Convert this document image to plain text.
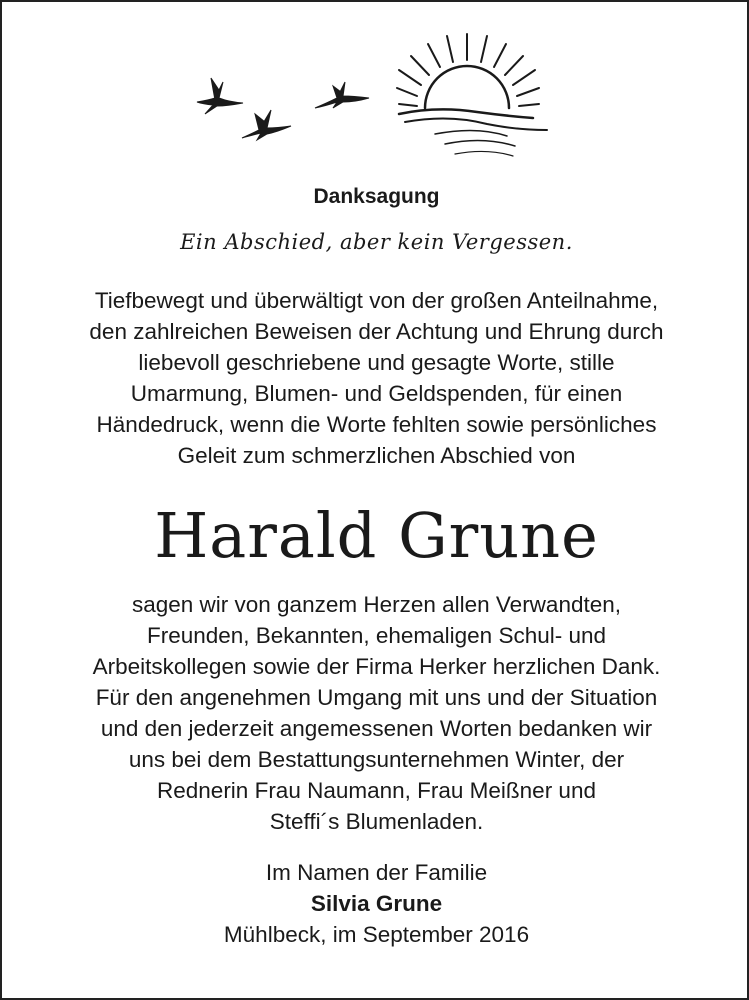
Danksagung
Ein Abschied, aber kein Vergessen.
Tiefbewegt und überwältigt von der großen Anteilnahme,
den zahlreichen Beweisen der Achtung und Ehrung durch
liebevoll geschriebene und gesagte Worte, stille
Umarmung, Blumen- und Geldspenden, für einen
Händedruck, wenn die Worte fehlten sowie persönliches
Geleit zum schmerzlichen Abschied von
Harald Grune
sagen wir von ganzem Herzen allen Verwandten,
Freunden, Bekannten, ehemaligen Schul- und
Arbeitskollegen sowie der Firma Herker herzlichen Dank.
Für den angenehmen Umgang mit uns und der Situation
und den jederzeit angemessenen Worten bedanken wir
uns bei dem Bestattungsunternehmen Winter, der
Rednerin Frau Naumann, Frau Meißner und
Steffi´s Blumenladen.
Im Namen der Familie
Silvia Grune
Mühlbeck, im September 2016
